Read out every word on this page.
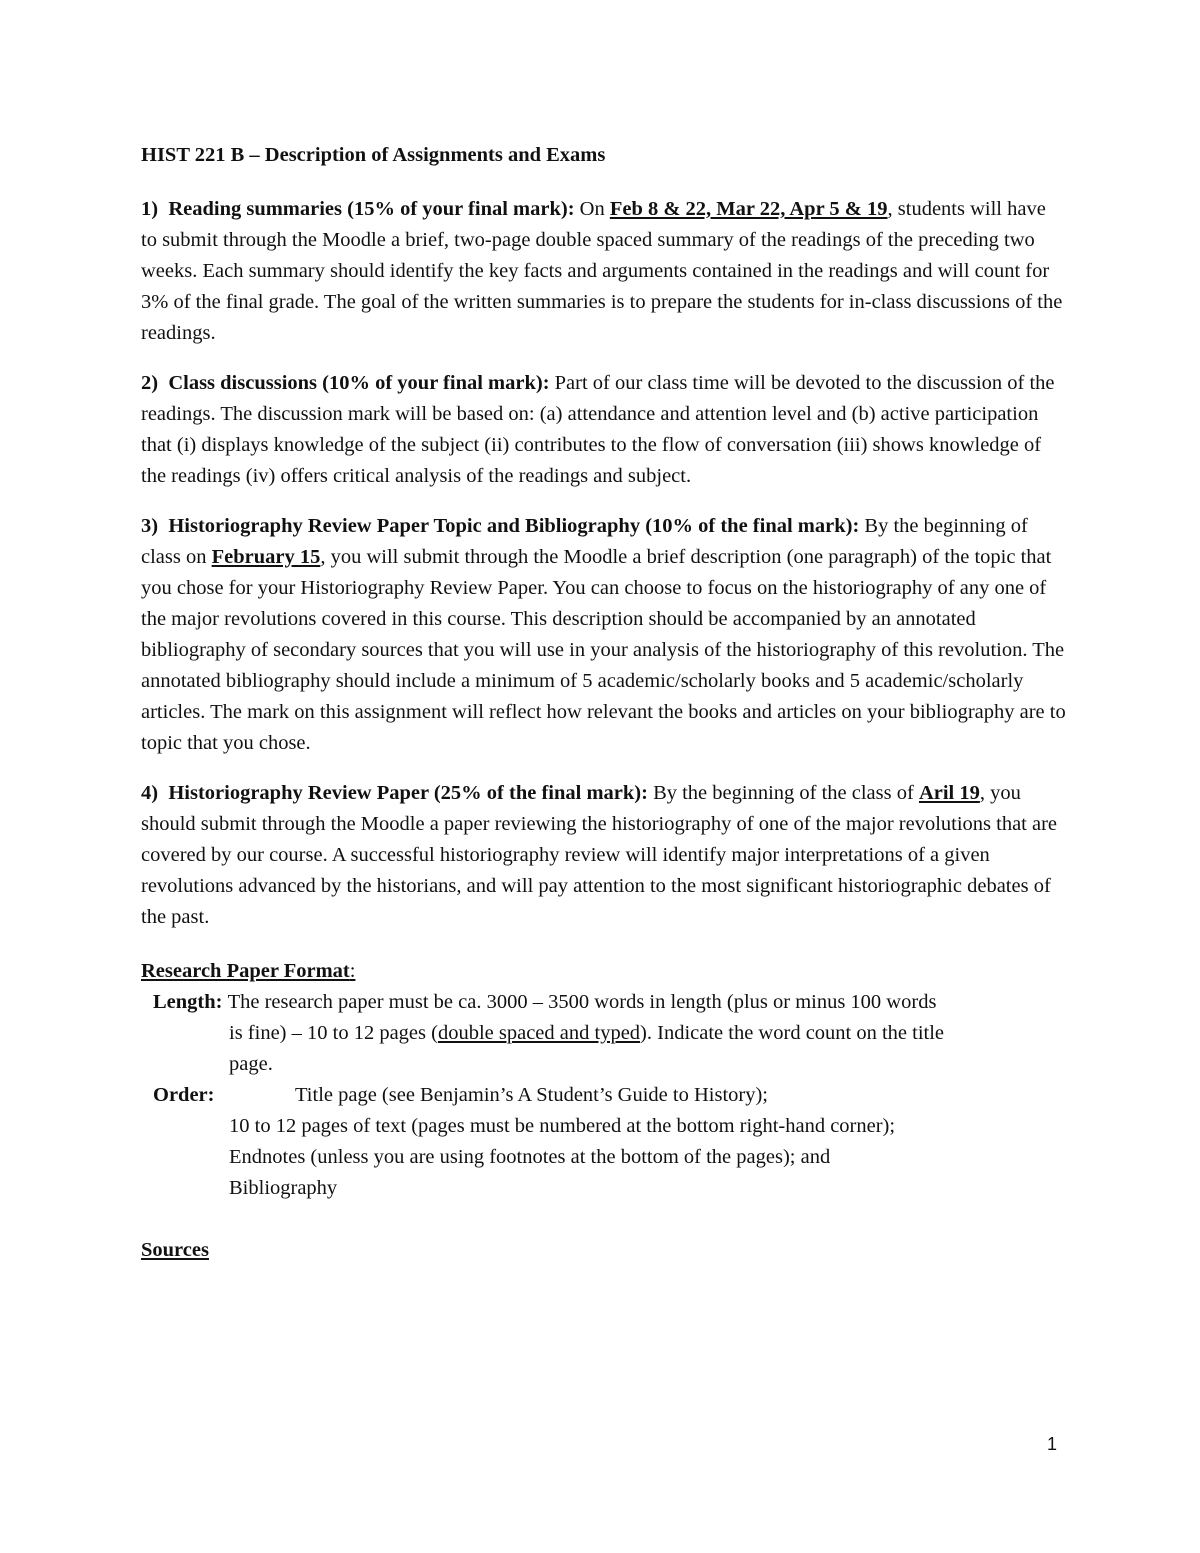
HIST 221 B – Description of Assignments and Exams

1) Reading summaries (15% of your final mark): On Feb 8 & 22, Mar 22, Apr 5 & 19, students will have to submit through the Moodle a brief, two-page double spaced summary of the readings of the preceding two weeks. Each summary should identify the key facts and arguments contained in the readings and will count for 3% of the final grade. The goal of the written summaries is to prepare the students for in-class discussions of the readings.

2) Class discussions (10% of your final mark): Part of our class time will be devoted to the discussion of the readings. The discussion mark will be based on: (a) attendance and attention level and (b) active participation that (i) displays knowledge of the subject (ii) contributes to the flow of conversation (iii) shows knowledge of the readings (iv) offers critical analysis of the readings and subject.

3) Historiography Review Paper Topic and Bibliography (10% of the final mark): By the beginning of class on February 15, you will submit through the Moodle a brief description (one paragraph) of the topic that you chose for your Historiography Review Paper. You can choose to focus on the historiography of any one of the major revolutions covered in this course. This description should be accompanied by an annotated bibliography of secondary sources that you will use in your analysis of the historiography of this revolution. The annotated bibliography should include a minimum of 5 academic/scholarly books and 5 academic/scholarly articles. The mark on this assignment will reflect how relevant the books and articles on your bibliography are to topic that you chose.

4) Historiography Review Paper (25% of the final mark): By the beginning of the class of Aril 19, you should submit through the Moodle a paper reviewing the historiography of one of the major revolutions that are covered by our course. A successful historiography review will identify major interpretations of a given revolutions advanced by the historians, and will pay attention to the most significant historiographic debates of the past.

Research Paper Format:

Length:
The research paper must be ca. 3000 – 3500 words in length (plus or minus 100 words
is fine) – 10 to 12 pages (double spaced and typed). Indicate the word count on the title
page.
Order:	Title page (see Benjamin’s A Student’s Guide to History);
10 to 12 pages of text (pages must be numbered at the bottom right-hand corner);
Endnotes (unless you are using footnotes at the bottom of the pages); and
Bibliography

Sources

1
